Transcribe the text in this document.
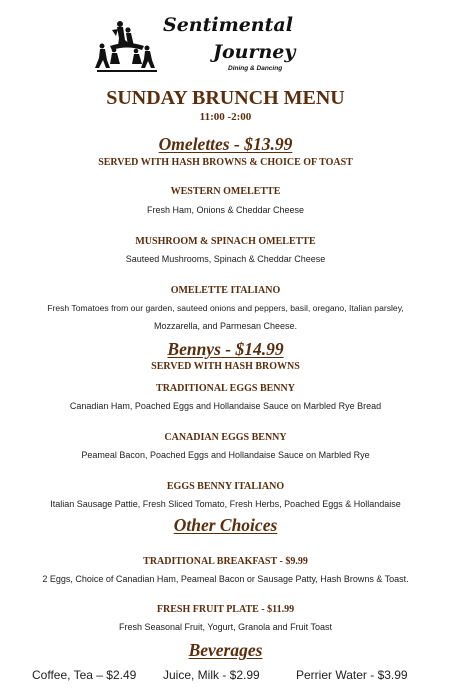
Sentimental
Journey
Dining & Dancing
SUNDAY BRUNCH MENU
11:00 -2:00
Omelettes - $13.99
SERVED WITH HASH BROWNS & CHOICE OF TOAST
WESTERN OMELETTE
Fresh Ham, Onions & Cheddar Cheese
MUSHROOM & SPINACH OMELETTE
Sauteed Mushrooms, Spinach & Cheddar Cheese
OMELETTE ITALIANO
Fresh Tomatoes from our garden, sauteed onions and peppers, basil, oregano, Italian parsley,
Mozzarella, and Parmesan Cheese.
Bennys - $14.99
SERVED WITH HASH BROWNS
TRADITIONAL EGGS BENNY
Canadian Ham, Poached Eggs and Hollandaise Sauce on Marbled Rye Bread
CANADIAN EGGS BENNY
Peameal Bacon, Poached Eggs and Hollandaise Sauce on Marbled Rye
EGGS BENNY ITALIANO
Italian Sausage Pattie, Fresh Sliced Tomato, Fresh Herbs, Poached Eggs & Hollandaise
Other Choices
TRADITIONAL BREAKFAST - $9.99
2 Eggs, Choice of Canadian Ham, Peameal Bacon or Sausage Patty, Hash Browns & Toast.
FRESH FRUIT PLATE - $11.99
Fresh Seasonal Fruit, Yogurt, Granola and Fruit Toast
Beverages
Coffee, Tea – $2.49 Juice, Milk - $2.99	Perrier Water - $3.99
